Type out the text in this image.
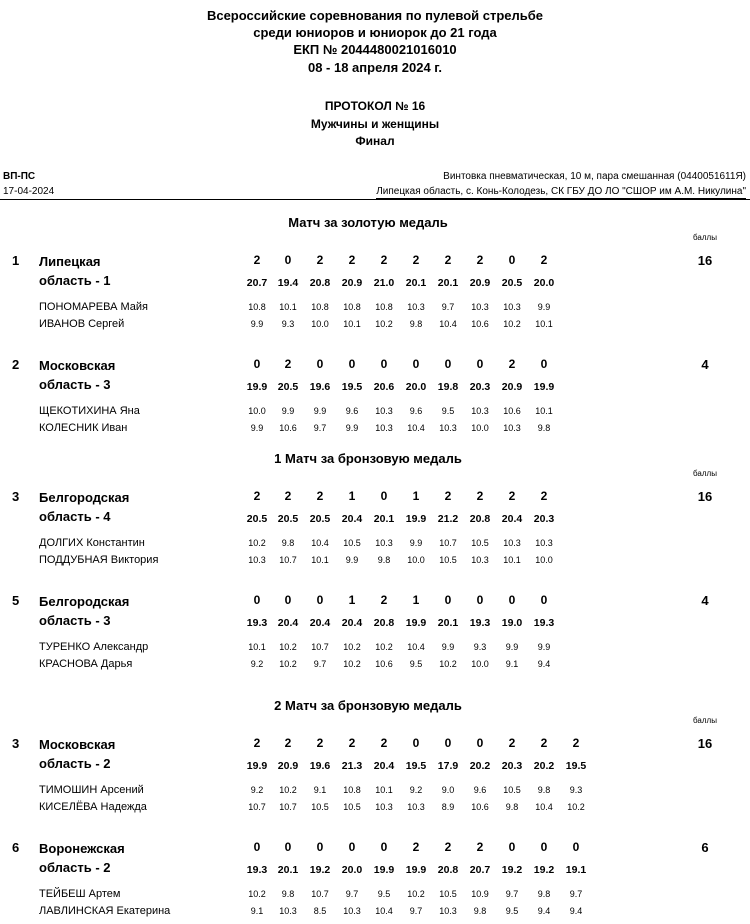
Всероссийские соревнования по пулевой стрельбе
среди юниоров и юниорок до 21 года
ЕКП № 2044480021016010
08 - 18 апреля 2024 г.
ПРОТОКОЛ № 16
Мужчины и женщины
Финал
ВП-ПС
17-04-2024
Винтовка пневматическая, 10 м, пара смешанная (0440051611Я)
Липецкая область, с. Конь-Колодезь, СК ГБУ ДО ЛО "СШОР им А.М. Никулина"
Матч за золотую медаль
баллы
1 Липецкая
область - 1
16
2	0	2	2	2	2	2	2	0	2
20.7	19.4	20.8	20.9	21.0	20.1	20.1	20.9	20.5	20.0
ПОНОМАРЕВА Майя	10.8	10.1	10.8	10.8	10.8	10.3	9.7	10.3	10.3	9.9
ИВАНОВ Сергей	9.9	9.3	10.0	10.1	10.2	9.8	10.4	10.6	10.2	10.1
2 Московская
область - 3
4
0	2	0	0	0	0	0	0	2	0
19.9	20.5	19.6	19.5	20.6	20.0	19.8	20.3	20.9	19.9
ЩЕКОТИХИНА Яна	10.0	9.9	9.9	9.6	10.3	9.6	9.5	10.3	10.6	10.1
КОЛЕСНИК Иван	9.9	10.6	9.7	9.9	10.3	10.4	10.3	10.0	10.3	9.8
1 Матч за бронзовую медаль
баллы
3 Белгородская
область - 4
16
2	2	2	1	0	1	2	2	2	2
20.5	20.5	20.5	20.4	20.1	19.9	21.2	20.8	20.4	20.3
ДОЛГИХ Константин	10.2	9.8	10.4	10.5	10.3	9.9	10.7	10.5	10.3	10.3
ПОДДУБНАЯ Виктория	10.3	10.7	10.1	9.9	9.8	10.0	10.5	10.3	10.1	10.0
5 Белгородская
область - 3
4
0	0	0	1	2	1	0	0	0	0
19.3	20.4	20.4	20.4	20.8	19.9	20.1	19.3	19.0	19.3
ТУРЕНКО Александр	10.1	10.2	10.7	10.2	10.2	10.4	9.9	9.3	9.9	9.9
КРАСНОВА Дарья	9.2	10.2	9.7	10.2	10.6	9.5	10.2	10.0	9.1	9.4
2 Матч за бронзовую медаль
баллы
3 Московская
область - 2
16
2	2	2	2	2	0	0	0	2	2	2
19.9	20.9	19.6	21.3	20.4	19.5	17.9	20.2	20.3	20.2	19.5
ТИМОШИН Арсений	9.2	10.2	9.1	10.8	10.1	9.2	9.0	9.6	10.5	9.8	9.3
КИСЕЛЁВА Надежда	10.7	10.7	10.5	10.5	10.3	10.3	8.9	10.6	9.8	10.4	10.2
6 Воронежская
область - 2
6
0	0	0	0	0	2	2	2	0	0	0
19.3	20.1	19.2	20.0	19.9	19.9	20.8	20.7	19.2	19.2	19.1
ТЕЙБЕШ Артем	10.2	9.8	10.7	9.7	9.5	10.2	10.5	10.9	9.7	9.8	9.7
ЛАВЛИНСКАЯ Екатерина	9.1	10.3	8.5	10.3	10.4	9.7	10.3	9.8	9.5	9.4	9.4
